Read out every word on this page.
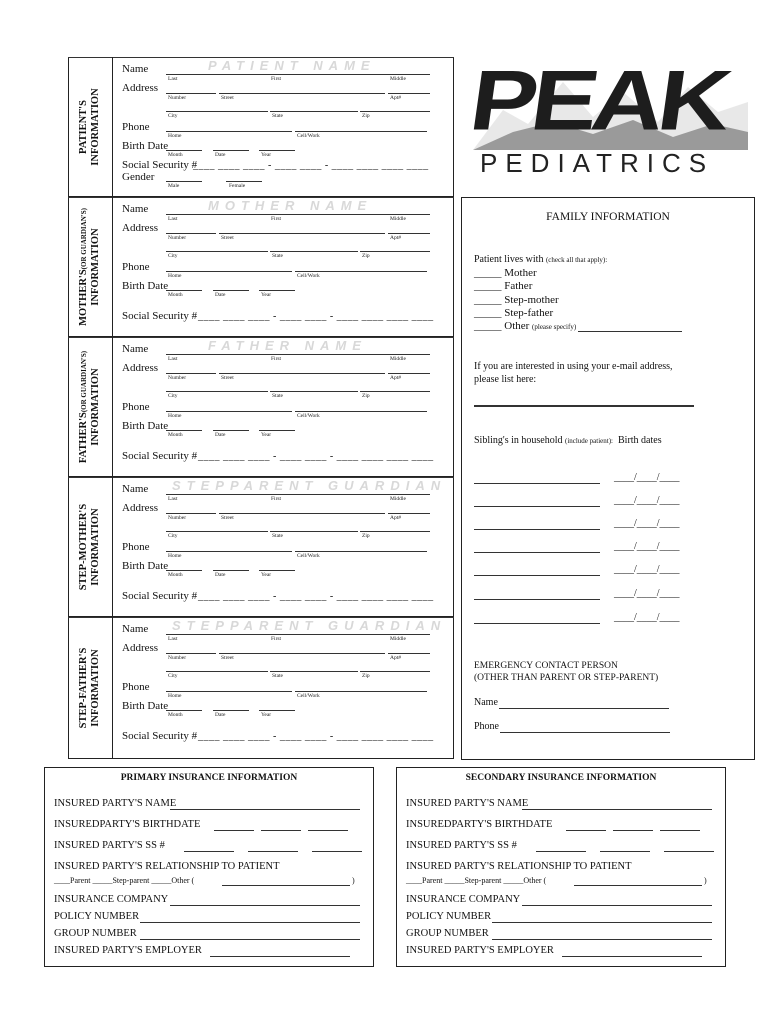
PEAK
PEDIATRICS
PATIENT'S INFORMATION
PATIENT NAME
Name
Last	First	Middle
Address
Number	Street	Apt#
City	State	Zip
Phone
Home	Cell/Work
Birth Date
Month	Date	Year
Social Security #
____ ____ ____ - ____ ____ - ____ ____ ____ ____
Gender
Male	Female
MOTHER'S(OR GUARDIAN'S) INFORMATION
MOTHER NAME
Name
Last	First	Middle
Address
Number	Street	Apt#
City	State	Zip
Phone
Home	Cell/Work
Birth Date
Month	Date	Year
Social Security # ____ ____ ____ - ____ ____ - ____ ____ ____ ____
FATHER'S(OR GUARDIAN'S) INFORMATION
FATHER NAME
Name
Last	First	Middle
Address
Number	Street	Apt#
City	State	Zip
Phone
Home	Cell/Work
Birth Date
Month	Date	Year
Social Security # ____ ____ ____ - ____ ____ - ____ ____ ____ ____
STEP-MOTHER'S INFORMATION
STEPPARENT GUARDIAN
Name
Last	First	Middle
Address
Number	Street	Apt#
City	State	Zip
Phone
Home	Cell/Work
Birth Date
Month	Date	Year
Social Security # ____ ____ ____ - ____ ____ - ____ ____ ____ ____
STEP-FATHER'S INFORMATION
STEPPARENT GUARDIAN
Name
Last	First	Middle
Address
Number	Street	Apt#
City	State	Zip
Phone
Home	Cell/Work
Birth Date
Month	Date	Year
Social Security # ____ ____ ____ - ____ ____ - ____ ____ ____ ____
FAMILY INFORMATION
Patient lives with (check all that apply):
_____ Mother
_____ Father
_____ Step-mother
_____ Step-father
_____ Other (please specify)
If you are interested in using your e-mail address,
please list here:
Sibling's in household (include patient): Birth dates
____/____/____
____/____/____
____/____/____
____/____/____
____/____/____
____/____/____
____/____/____
EMERGENCY CONTACT PERSON
(OTHER THAN PARENT OR STEP-PARENT)
Name
Phone
PRIMARY INSURANCE INFORMATION
INSURED PARTY'S NAME
INSUREDPARTY'S BIRTHDATE
INSURED PARTY'S SS #
INSURED PARTY'S RELATIONSHIP TO PATIENT
INSURANCE COMPANY
POLICY NUMBER
GROUP NUMBER
INSURED PARTY'S EMPLOYER
____Parent _____Step-parent _____Other (	)
SECONDARY INSURANCE INFORMATION
INSURED PARTY'S NAME
INSUREDPARTY'S BIRTHDATE
INSURED PARTY'S SS #
INSURED PARTY'S RELATIONSHIP TO PATIENT
INSURANCE COMPANY
POLICY NUMBER
GROUP NUMBER
INSURED PARTY'S EMPLOYER
____Parent _____Step-parent _____Other (	)
